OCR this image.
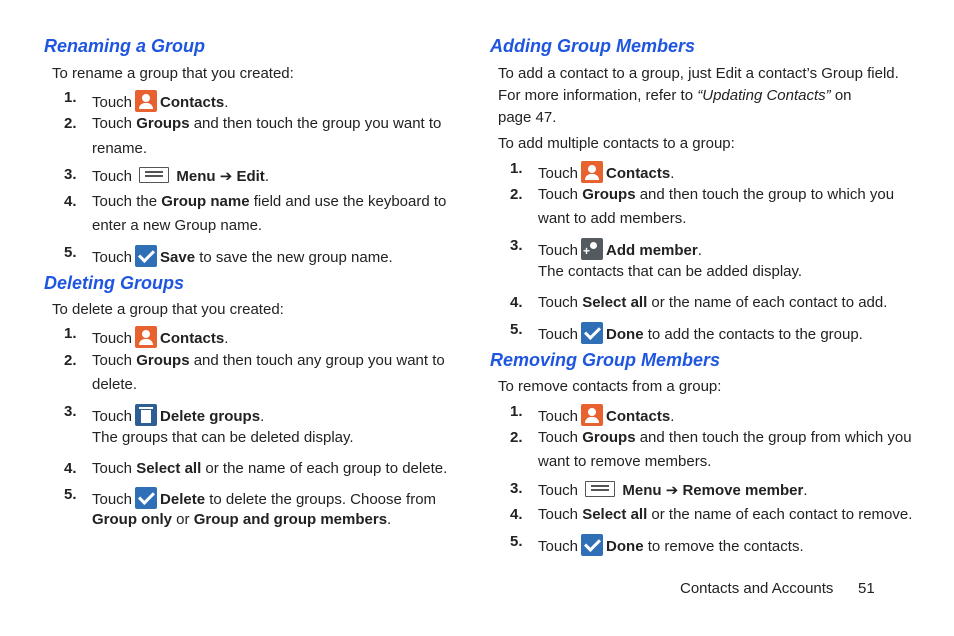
Renaming a Group
To rename a group that you created:
1. Touch Contacts.
2. Touch Groups and then touch the group you want to
rename.
3. Touch	Menu ➔ Edit.
4. Touch the Group name field and use the keyboard to
enter a new Group name.
5. Touch Save to save the new group name.
Deleting Groups
To delete a group that you created:
1. Touch Contacts.
2. Touch Groups and then touch any group you want to
delete.
3. Touch Delete groups.
The groups that can be deleted display.
4. Touch Select all or the name of each group to delete.
5. Touch Delete to delete the groups. Choose from
Group only or Group and group members.
Adding Group Members
To add a contact to a group, just Edit a contact’s Group field.
For more information, refer to “Updating Contacts” on
page 47.
To add multiple contacts to a group:
1. Touch Contacts.
2. Touch Groups and then touch the group to which you
want to add members.
3. Touch+ Add member.
The contacts that can be added display.
4. Touch Select all or the name of each contact to add.
5. Touch Done to add the contacts to the group.
Removing Group Members
To remove contacts from a group:
1. Touch Contacts.
2. Touch Groups and then touch the group from which you
want to remove members.
3. Touch	Menu ➔ Remove member.
4. Touch Select all or the name of each contact to remove.
5. Touch Done to remove the contacts.
Contacts and Accounts 51
